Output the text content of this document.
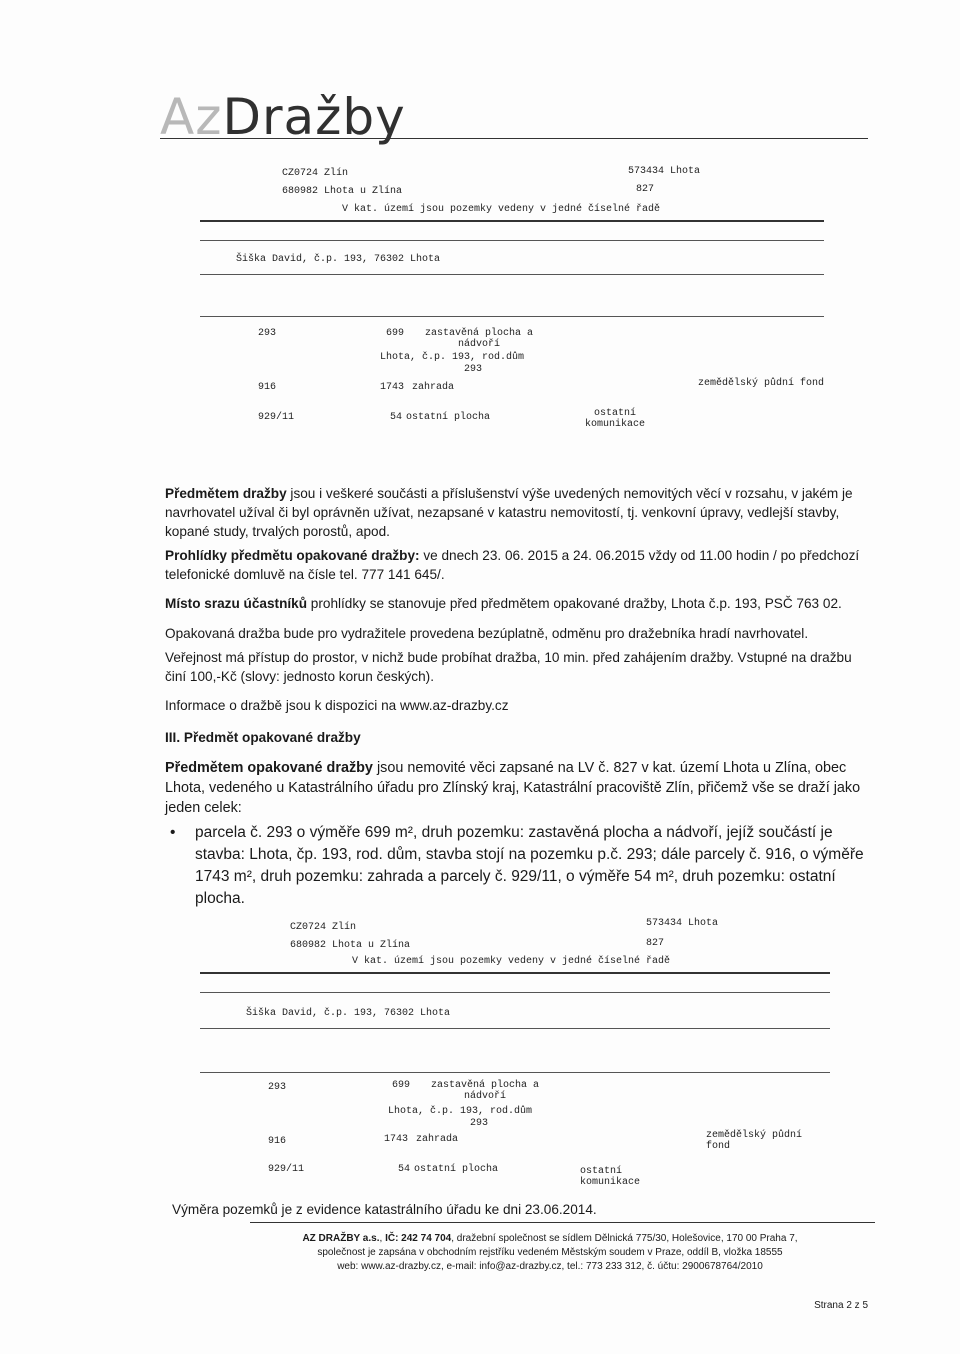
AzDražby
CZ0724 Zlín	573434 Lhota
680982 Lhota u Zlína	827
V kat. území jsou pozemky vedeny v jedné číselné řadě
Šiška David, č.p. 193, 76302 Lhota
293	699	zastavěná plocha a nádvoří
Lhota, č.p. 193, rod.dům
293
916	1743 zahrada	zemědělský půdní fond
929/11	54 ostatní plocha	ostatní komunikace
Předmětem dražby jsou i veškeré součásti a příslušenství výše uvedených nemovitých věcí v rozsahu, v jakém je navrhovatel užíval či byl oprávněn užívat, nezapsané v katastru nemovitostí, tj. venkovní úpravy, vedlejší stavby, kopané study, trvalých porostů, apod.
Prohlídky předmětu opakované dražby: ve dnech 23. 06. 2015 a 24. 06.2015 vždy od 11.00 hodin / po předchozí telefonické domluvě na čísle tel. 777 141 645/.
Místo srazu účastníků prohlídky se stanovuje před předmětem opakované dražby, Lhota č.p. 193, PSČ 763 02.
Opakovaná dražba bude pro vydražitele provedena bezúplatně, odměnu pro dražebníka hradí navrhovatel.
Veřejnost má přístup do prostor, v nichž bude probíhat dražba, 10 min. před zahájením dražby. Vstupné na dražbu činí 100,-Kč (slovy: jednosto korun českých).
Informace o dražbě jsou k dispozici na www.az-drazby.cz
III. Předmět opakované dražby
Předmětem opakované dražby jsou nemovité věci zapsané na LV č. 827 v kat. území Lhota u Zlína, obec Lhota, vedeného u Katastrálního úřadu pro Zlínský kraj, Katastrální pracoviště Zlín, přičemž vše se draží jako jeden celek:
• parcela č. 293 o výměře 699 m², druh pozemku: zastavěná plocha a nádvoří, jejíž součástí je stavba: Lhota, čp. 193, rod. dům, stavba stojí na pozemku p.č. 293; dále parcely č. 916, o výměře 1743 m², druh pozemku: zahrada a parcely č. 929/11, o výměře 54 m², druh pozemku: ostatní plocha.
CZ0724 Zlín	573434 Lhota
680982 Lhota u Zlína	827
V kat. území jsou pozemky vedeny v jedné číselné řadě
Šiška David, č.p. 193, 76302 Lhota
293	699	zastavěná plocha a nádvoří
Lhota, č.p. 193, rod.dům
293
916	1743 zahrada	zemědělský půdní fond
929/11	54 ostatní plocha	ostatní komunikace
Výměra pozemků je z evidence katastrálního úřadu ke dni 23.06.2014.
AZ DRAŽBY a.s., IČ: 242 74 704, dražební společnost se sídlem Dělnická 775/30, Holešovice, 170 00 Praha 7,
společnost je zapsána v obchodním rejstříku vedeném Městským soudem v Praze, oddíl B, vložka 18555
web: www.az-drazby.cz, e-mail: info@az-drazby.cz, tel.: 773 233 312, č. účtu: 2900678764/2010
Strana 2 z 5
